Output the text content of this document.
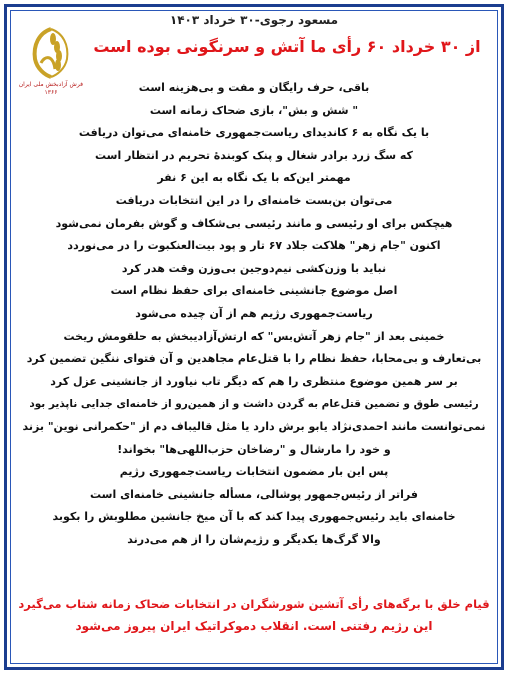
فرش آزادبخش ملی ایران
۱۳۶۶
مسعود رجوی-۳۰ خرداد ۱۴۰۳
از ۳۰ خرداد ۶۰ رأی ما آتش و سرنگونی بوده است
باقی، حرف رایگان و مفت و بی‌هزینه است
" شش و بش"، بازی ضحاک زمانه است
با یک نگاه به ۶ کاندیدای ریاست‌جمهوری خامنه‌ای می‌توان دریافت
که سگ زرد برادر شغال و پنک کوبندهٔ تحریم در انتظار است
مهمتر این‌که با یک نگاه به این ۶ نفر
می‌توان بن‌بست خامنه‌ای را در این انتخابات دریافت
هیچکس برای او رئیسی و مانند رئیسی بی‌شکاف و گوش بفرمان نمی‌شود
اکنون "جام زهر" هلاکت جلاد ۶۷ تار و پود بیت‌العنکبوت را در می‌نوردد
نباید با وزن‌کشی نیم‌دوجین بی‌وزن وقت هدر کرد
اصل موضوع جانشینی خامنه‌ای برای حفظ نظام است
ریاست‌جمهوری رژیم هم از آن چیده می‌شود
خمینی بعد از "جام زهر آتش‌بس" که ارتش‌آزادیبخش به حلقومش ریخت
بی‌تعارف و بی‌محابا، حفظ نظام را با قتل‌عام مجاهدین و آن فتوای ننگین تضمین کرد
بر سر همین موضوع منتظری را هم که دیگر تاب نیاورد از جانشینی عزل کرد
رئیسی طوق و تضمین قتل‌عام به گردن داشت و از همین‌رو از خامنه‌ای جدایی ناپذیر بود
نمی‌توانست مانند احمدی‌نژاد یابو برش دارد یا مثل قالیباف دم از "حکمرانی نوین" بزند
و خود را مارشال و "رضاخان حزب‌اللهی‌ها" بخواند!
پس این بار مضمون انتخابات ریاست‌جمهوری رژیم
فراتر از رئیس‌جمهور پوشالی، مسأله جانشینی خامنه‌ای است
خامنه‌ای باید رئیس‌جمهوری پیدا کند که با آن میخ جانشین مطلوبش را بکوبد
والا گرگ‌ها یکدیگر و رژیم‌شان را از هم می‌درند
قیام خلق با برگه‌های رأی آتشین شورشگران در انتخابات ضحاک زمانه شتاب می‌گیرد
این رژیم رفتنی است. انقلاب دموکراتیک ایران پیروز می‌شود
